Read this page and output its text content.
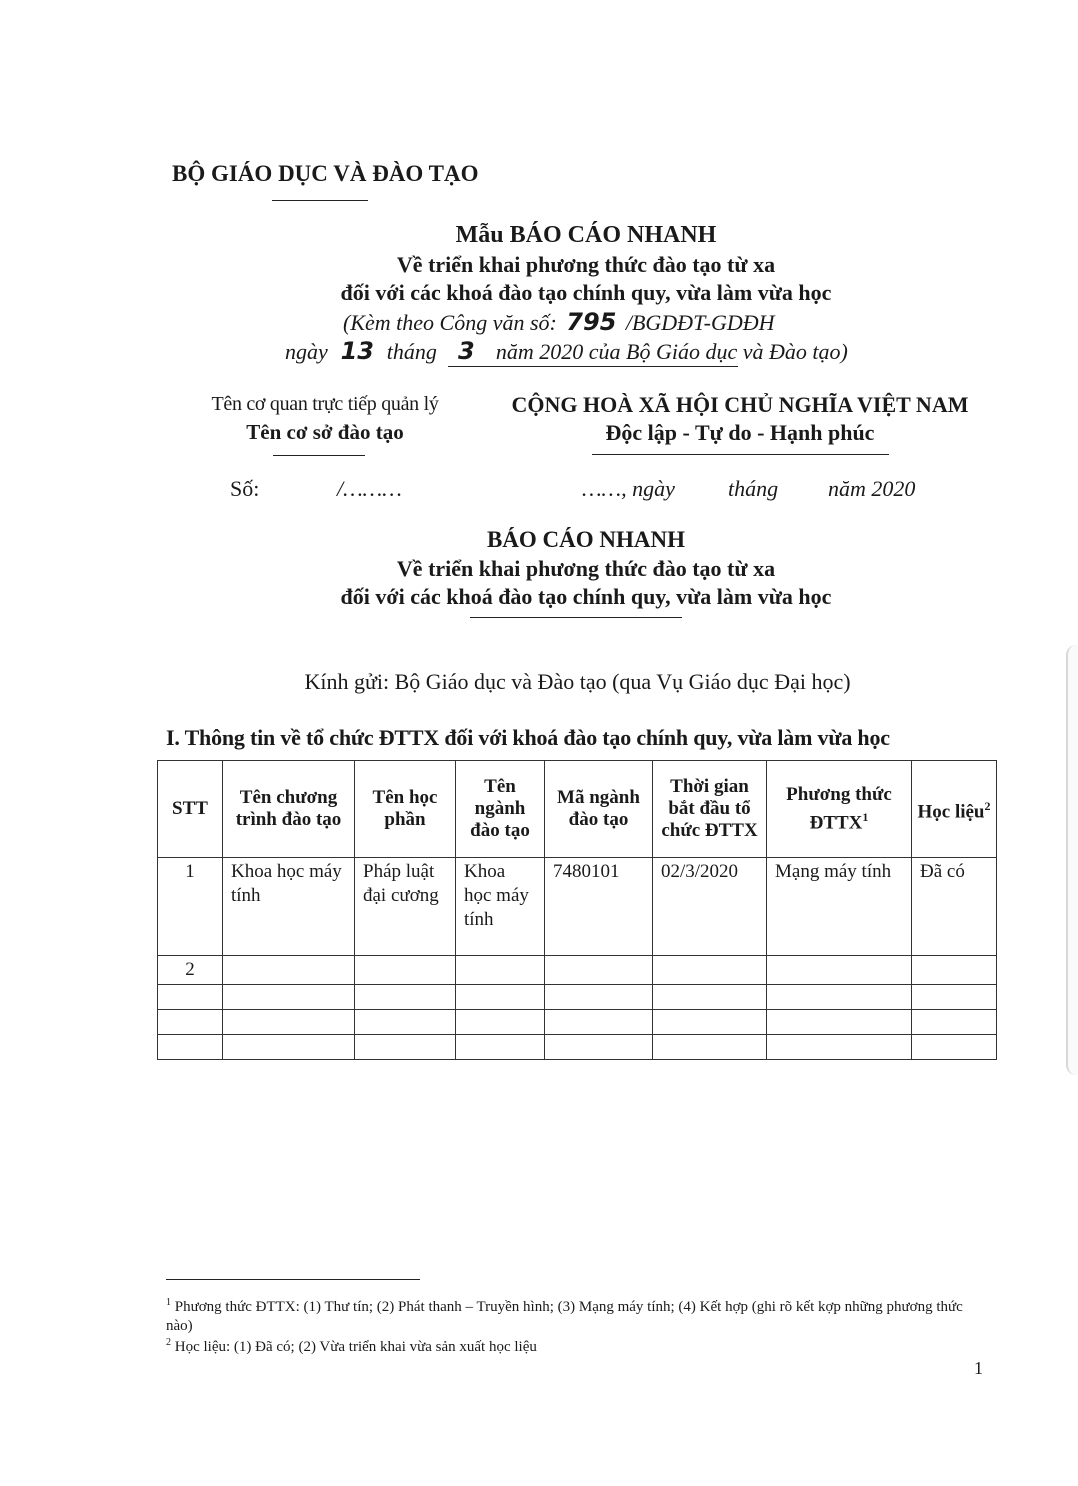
BỘ GIÁO DỤC VÀ ĐÀO TẠO
Mẫu BÁO CÁO NHANH
Về triển khai phương thức đào tạo từ xa
đối với các khoá đào tạo chính quy, vừa làm vừa học
(Kèm theo Công văn số: 795 /BGDĐT-GDĐH
ngày 13 tháng 3 năm 2020 của Bộ Giáo dục và Đào tạo)
Tên cơ quan trực tiếp quản lý
Tên cơ sở đào tạo
CỘNG HOÀ XÃ HỘI CHỦ NGHĨA VIỆT NAM
Độc lập - Tự do - Hạnh phúc
Số:	/………	……, ngày tháng năm 2020
BÁO CÁO NHANH
Về triển khai phương thức đào tạo từ xa
đối với các khoá đào tạo chính quy, vừa làm vừa học
Kính gửi: Bộ Giáo dục và Đào tạo (qua Vụ Giáo dục Đại học)
I. Thông tin về tổ chức ĐTTX đối với khoá đào tạo chính quy, vừa làm vừa học
STT	Tên chương trình đào tạo	Tên học phần	Tên ngành đào tạo	Mã ngành đào tạo	Thời gian bắt đầu tổ chức ĐTTX	Phương thức ĐTTX$^1$	Học liệu$^2$
1	Khoa học máy tính	Pháp luật đại cương	Khoa học máy tính	7480101	02/3/2020	Mạng máy tính	Đã có
2							

$^1$ Phương thức ĐTTX: (1) Thư tín; (2) Phát thanh – Truyền hình; (3) Mạng máy tính; (4) Kết hợp (ghi rõ kết kợp những phương thức nào)
$^2$ Học liệu: (1) Đã có; (2) Vừa triển khai vừa sản xuất học liệu
1
